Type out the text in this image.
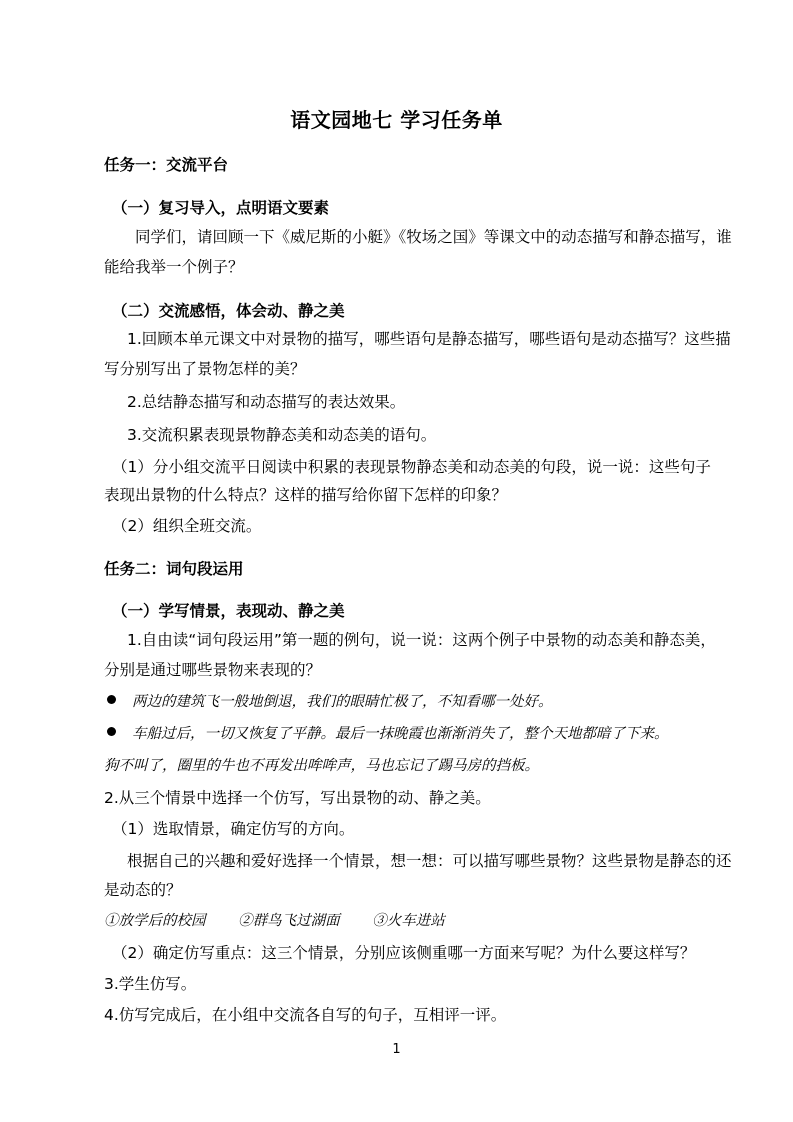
语文园地七 学习任务单
任务一：交流平台
（一）复习导入，点明语文要素
同学们，请回顾一下《威尼斯的小艇》《牧场之国》等课文中的动态描写和静态描写，谁
能给我举一个例子？
（二）交流感悟，体会动、静之美
1.回顾本单元课文中对景物的描写，哪些语句是静态描写，哪些语句是动态描写？这些描
写分别写出了景物怎样的美？
2.总结静态描写和动态描写的表达效果。
3.交流积累表现景物静态美和动态美的语句。
（1）分小组交流平日阅读中积累的表现景物静态美和动态美的句段，说一说：这些句子
表现出景物的什么特点？这样的描写给你留下怎样的印象？
（2）组织全班交流。
任务二：词句段运用
（一）学写情景，表现动、静之美
1.自由读“词句段运用”第一题的例句，说一说：这两个例子中景物的动态美和静态美，
分别是通过哪些景物来表现的？
两边的建筑飞一般地倒退，我们的眼睛忙极了，不知看哪一处好。
车船过后，一切又恢复了平静。最后一抹晚霞也渐渐消失了，整个天地都暗了下来。
狗不叫了，圈里的牛也不再发出哞哞声，马也忘记了踢马房的挡板。
2.从三个情景中选择一个仿写，写出景物的动、静之美。
（1）选取情景，确定仿写的方向。
根据自己的兴趣和爱好选择一个情景，想一想：可以描写哪些景物？这些景物是静态的还
是动态的？
①放学后的校园 ②群鸟飞过湖面 ③火车进站
（2）确定仿写重点：这三个情景，分别应该侧重哪一方面来写呢？为什么要这样写？
3.学生仿写。
4.仿写完成后，在小组中交流各自写的句子，互相评一评。
1
